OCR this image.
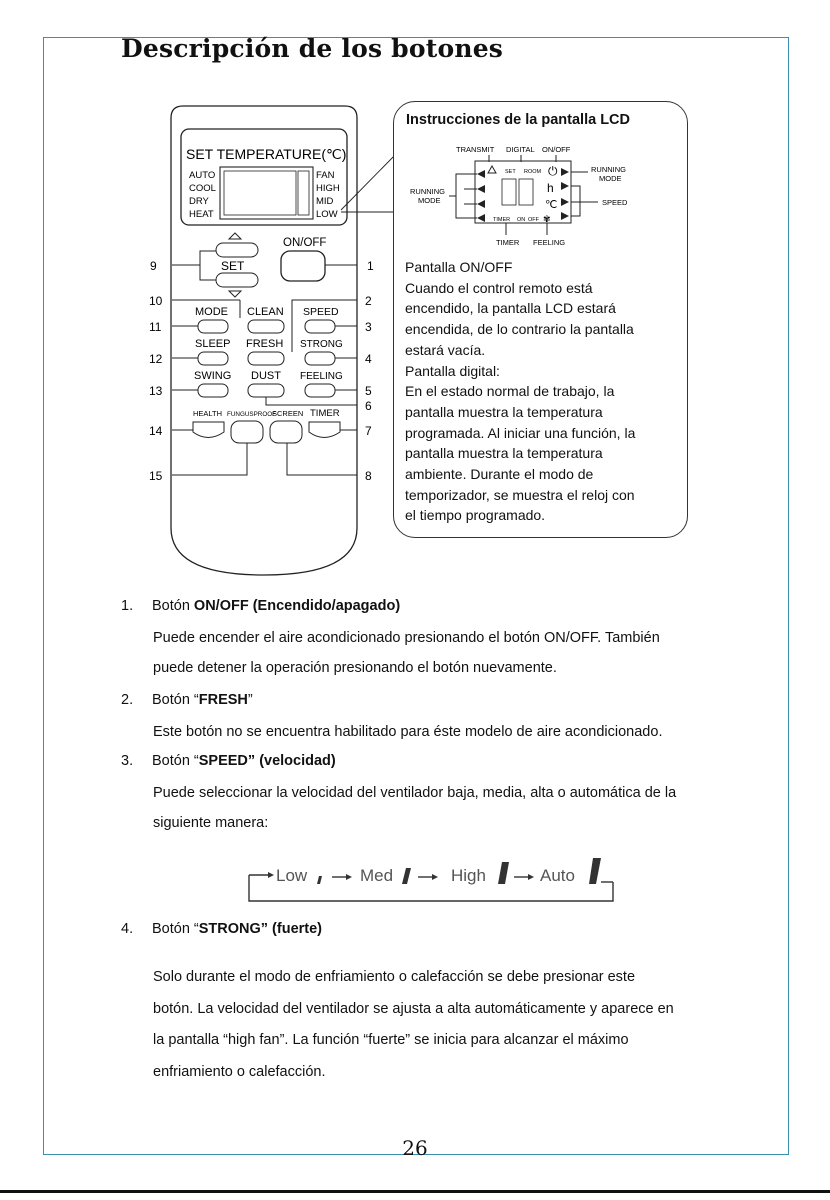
Descripción de los botones
SET TEMPERATURE(℃)
AUTO
COOL
DRY
HEAT
FAN
HIGH
MID
LOW
SET
ON/OFF
9	1
MODE CLEAN SPEED
SLEEP FRESH STRONG
SWING DUST FEELING
HEALTH FUNGUSPROOF
SCREEN TIMER
10
11
12
13
14
15
2
3
4
5
6
7
8
Instrucciones de la pantalla LCD
TRANSMIT DIGITAL ON/OFF
SET ROOM ⏻
h
℃
TIMER ON OFF ✾
RUNNING
MODE
RUNNING
MODE
SPEED
TIMER FEELING
Pantalla ON/OFF
Cuando el control remoto está
encendido, la pantalla LCD estará
encendida, de lo contrario la pantalla
estará vacía.
Pantalla digital:
En el estado normal de trabajo, la
pantalla muestra la temperatura
programada. Al iniciar una función, la
pantalla muestra la temperatura
ambiente. Durante el modo de
temporizador, se muestra el reloj con
el tiempo programado.
1. Botón ON/OFF (Encendido/apagado)
Puede encender el aire acondicionado presionando el botón ON/OFF. También
puede detener la operación presionando el botón nuevamente.
2. Botón “FRESH”
Este botón no se encuentra habilitado para éste modelo de aire acondicionado.
3. Botón “SPEED” (velocidad)
Puede seleccionar la velocidad del ventilador baja, media, alta o automática de la
siguiente manera:
Low	Med	High	Auto
4. Botón “STRONG” (fuerte)
Solo durante el modo de enfriamiento o calefacción se debe presionar este
botón. La velocidad del ventilador se ajusta a alta automáticamente y aparece en
la pantalla “high fan”. La función “fuerte” se inicia para alcanzar el máximo
enfriamiento o calefacción.
26
